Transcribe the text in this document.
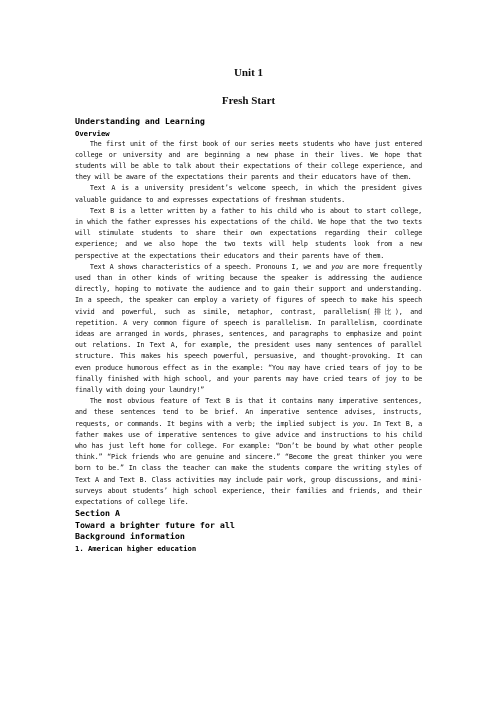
Unit 1
Fresh Start
Understanding and Learning
Overview

The first unit of the first book of our series meets students who have just entered college or university and are beginning a new phase in their lives. We hope that students will be able to talk about their expectations of their college experience, and they will be aware of the expectations their parents and their educators have of them.

Text A is a university president’s welcome speech, in which the president gives valuable guidance to and expresses expectations of freshman students.

Text B is a letter written by a father to his child who is about to start college, in which the father expresses his expectations of the child. We hope that the two texts will stimulate students to share their own expectations regarding their college experience; and we also hope the two texts will help students look from a new perspective at the expectations their educators and their parents have of them.

Text A shows characteristics of a speech. Pronouns I, we and you are more frequently used than in other kinds of writing because the speaker is addressing the audience directly, hoping to motivate the audience and to gain their support and understanding. In a speech, the speaker can employ a variety of figures of speech to make his speech vivid and powerful, such as simile, metaphor, contrast, parallelism(排比), and repetition. A very common figure of speech is parallelism. In parallelism, coordinate ideas are arranged in words, phrases, sentences, and paragraphs to emphasize and point out relations. In Text A, for example, the president uses many sentences of parallel structure. This makes his speech powerful, persuasive, and thought-provoking. It can even produce humorous effect as in the example: “You may have cried tears of joy to be finally finished with high school, and your parents may have cried tears of joy to be finally with doing your laundry!”

The most obvious feature of Text B is that it contains many imperative sentences, and these sentences tend to be brief. An imperative sentence advises, instructs, requests, or commands. It begins with a verb; the implied subject is you. In Text B, a father makes use of imperative sentences to give advice and instructions to his child who has just left home for college. For example: “Don’t be bound by what other people think.” “Pick friends who are genuine and sincere.” “Become the great thinker you were born to be.” In class the teacher can make the students compare the writing styles of Text A and Text B. Class activities may include pair work, group discussions, and mini-surveys about students’ high school experience, their families and friends, and their expectations of college life.

Section A
Toward a brighter future for all
Background information
1. American higher education
